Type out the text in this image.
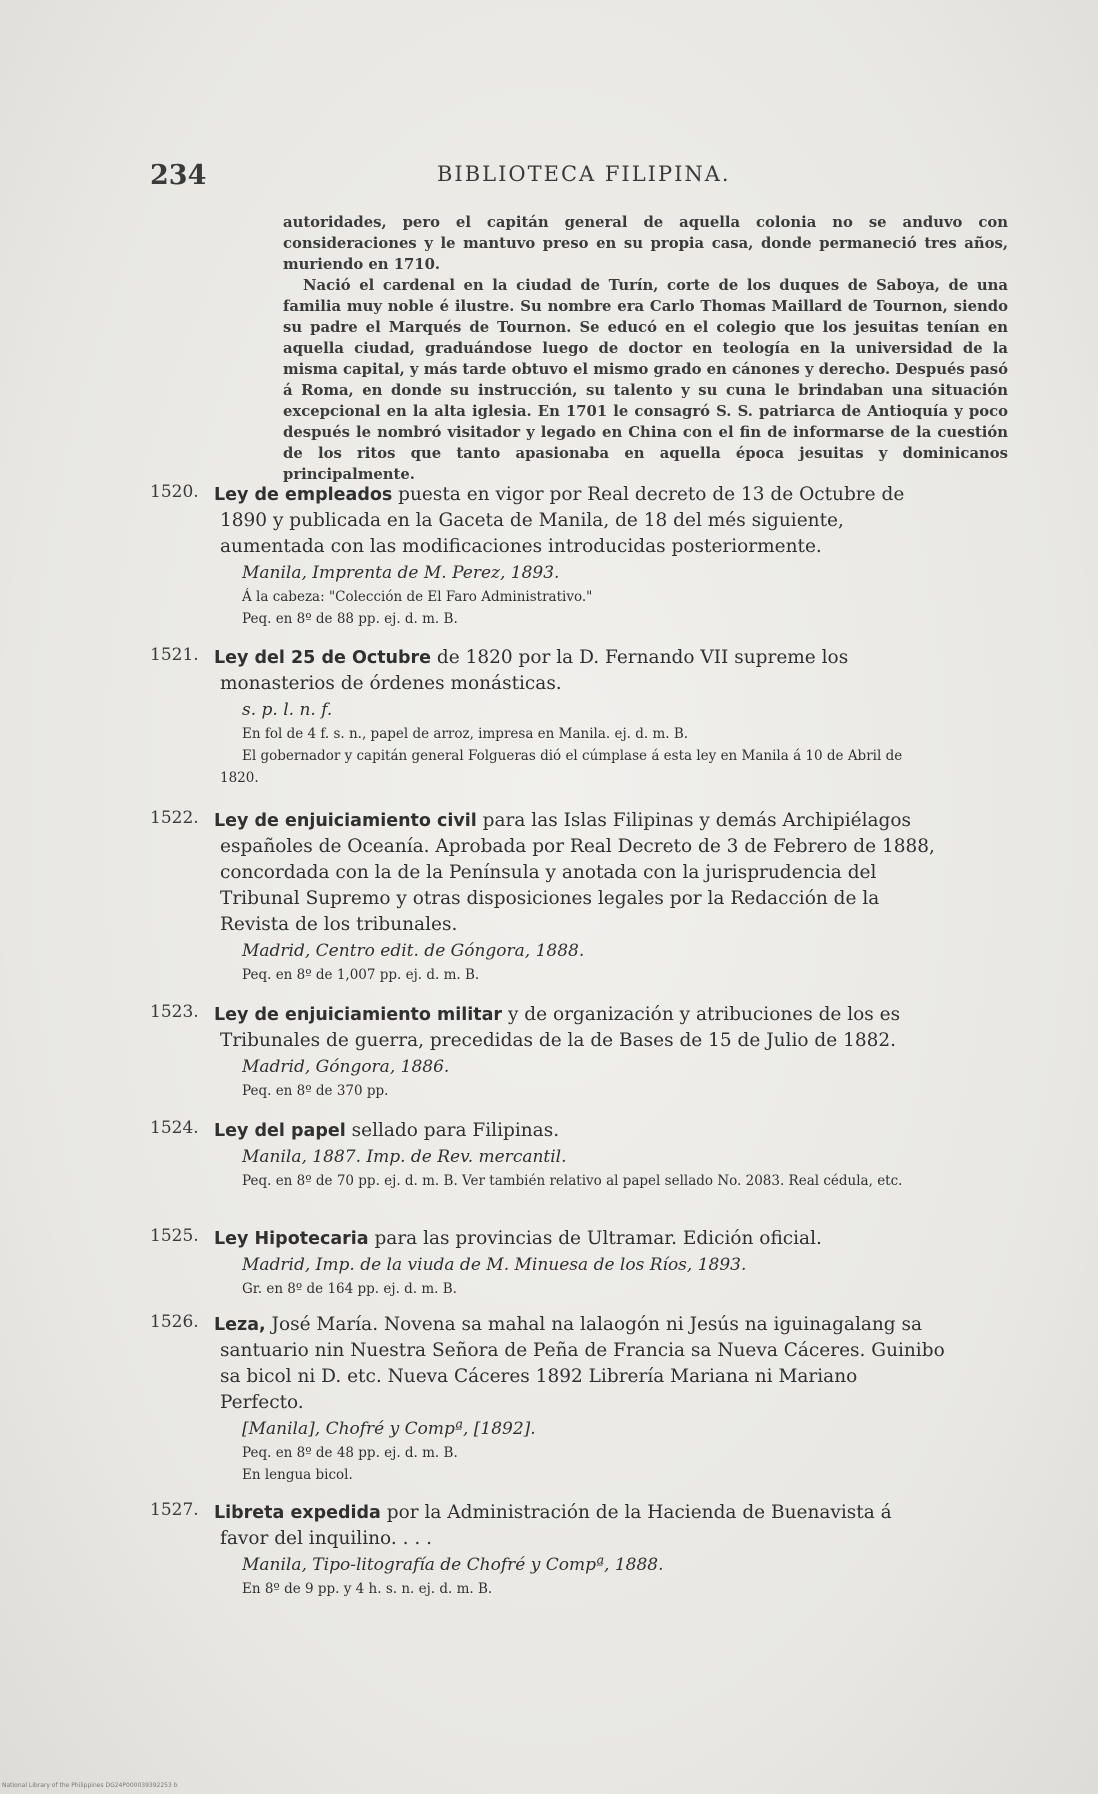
234	BIBLIOTECA FILIPINA.

autoridades, pero el capitán general de aquella colonia no se anduvo con consideraciones y le mantuvo preso en su propia casa, donde permaneció tres años, muriendo en 1710.

Nació el cardenal en la ciudad de Turín, corte de los duques de Saboya, de una familia muy noble é ilustre. Su nombre era Carlo Thomas Maillard de Tournon, siendo su padre el Marqués de Tournon. Se educó en el colegio que los jesuitas tenían en aquella ciudad, graduándose luego de doctor en teología en la universidad de la misma capital, y más tarde obtuvo el mismo grado en cánones y derecho. Después pasó á Roma, en donde su instrucción, su talento y su cuna le brindaban una situación excepcional en la alta iglesia. En 1701 le consagró S. S. patriarca de Antioquía y poco después le nombró visitador y legado en China con el fin de informarse de la cuestión de los ritos que tanto apasionaba en aquella época jesuitas y dominicanos principalmente.

1520. Ley de empleados puesta en vigor por Real decreto de 13 de Octubre de 1890 y publicada en la Gaceta de Manila, de 18 del més siguiente, aumentada con las modificaciones introducidas posteriormente.
Manila, Imprenta de M. Perez, 1893.
Á la cabeza: "Colección de El Faro Administrativo."
Peq. en 8º de 88 pp. ej. d. m. B.
1521. Ley del 25 de Octubre de 1820 por la D. Fernando VII supreme los monasterios de órdenes monásticas.
s. p. l. n. f.
En fol de 4 f. s. n., papel de arroz, impresa en Manila. ej. d. m. B.
El gobernador y capitán general Folgueras dió el cúmplase á esta ley en Manila á 10 de Abril de 1820.
1522. Ley de enjuiciamiento civil para las Islas Filipinas y demás Archipiélagos españoles de Oceanía. Aprobada por Real Decreto de 3 de Febrero de 1888, concordada con la de la Península y anotada con la jurisprudencia del Tribunal Supremo y otras disposiciones legales por la Redacción de la Revista de los tribunales.
Madrid, Centro edit. de Góngora, 1888.
Peq. en 8º de 1,007 pp. ej. d. m. B.
1523. Ley de enjuiciamiento militar y de organización y atribuciones de los es Tribunales de guerra, precedidas de la de Bases de 15 de Julio de 1882.
Madrid, Góngora, 1886.
Peq. en 8º de 370 pp.
1524. Ley del papel sellado para Filipinas.
Manila, 1887. Imp. de Rev. mercantil.
Peq. en 8º de 70 pp. ej. d. m. B. Ver también relativo al papel sellado No. 2083. Real cédula, etc.
1525. Ley Hipotecaria para las provincias de Ultramar. Edición oficial.
Madrid, Imp. de la viuda de M. Minuesa de los Ríos, 1893.
Gr. en 8º de 164 pp. ej. d. m. B.
1526. Leza, José María. Novena sa mahal na lalaogón ni Jesús na iguinagalang sa santuario nin Nuestra Señora de Peña de Francia sa Nueva Cáceres. Guinibo sa bicol ni D. etc. Nueva Cáceres 1892 Librería Mariana ni Mariano Perfecto.
[Manila], Chofré y Compª, [1892].
Peq. en 8º de 48 pp. ej. d. m. B.
En lengua bicol.
1527. Libreta expedida por la Administración de la Hacienda de Buenavista á favor del inquilino. . . .
Manila, Tipo-litografía de Chofré y Compª, 1888.
En 8º de 9 pp. y 4 h. s. n. ej. d. m. B.
National Library of the Philippines DG24P000039392253 b
